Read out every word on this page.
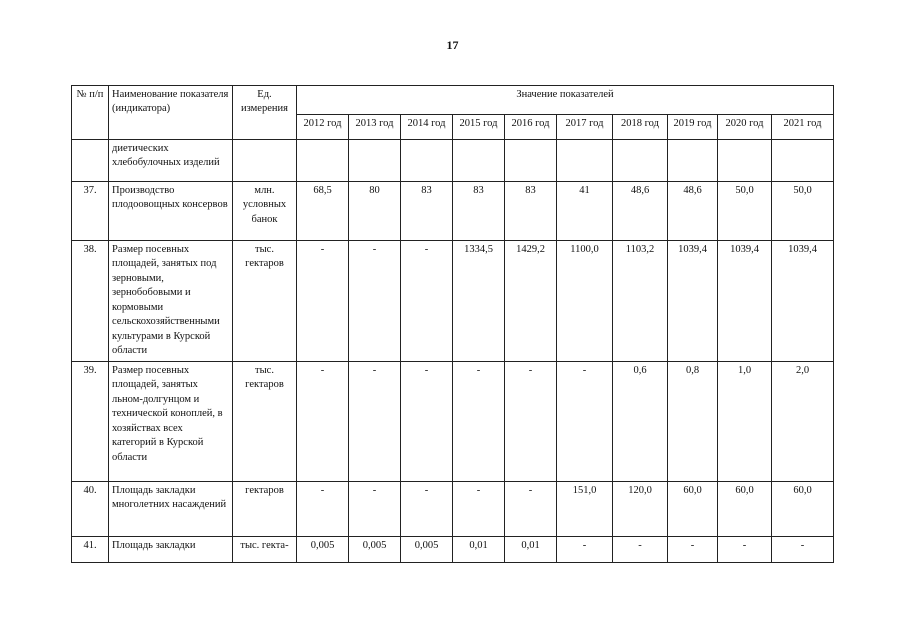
17
№ п/п	Наименование показателя (индикатора)	Ед. измерения	Значение показателей									
			2012 год	2013 год	2014 год	2015 год	2016 год	2017 год	2018 год	2019 год	2020 год	2021 год
	диетических хлебобулочных изделий											
37.	Производство плодоовощных консервов	млн. условных банок	68,5	80	83	83	83	41	48,6	48,6	50,0	50,0
38.	Размер посевных площадей, занятых под зерновыми, зернобобовыми и кормовыми сельскохозяйственными культурами в Курской области	тыс. гектаров	-	-	-	1334,5	1429,2	1100,0	1103,2	1039,4	1039,4	1039,4
39.	Размер посевных площадей, занятых льном-долгунцом и технической коноплей, в хозяйствах всех категорий в Курской области	тыс. гектаров	-	-	-	-	-	-	0,6	0,8	1,0	2,0
40.	Площадь закладки многолетних насаждений	гектаров	-	-	-	-	-	151,0	120,0	60,0	60,0	60,0
41.	Площадь закладки	тыс. гекта-	0,005	0,005	0,005	0,01	0,01	-	-	-	-	-
